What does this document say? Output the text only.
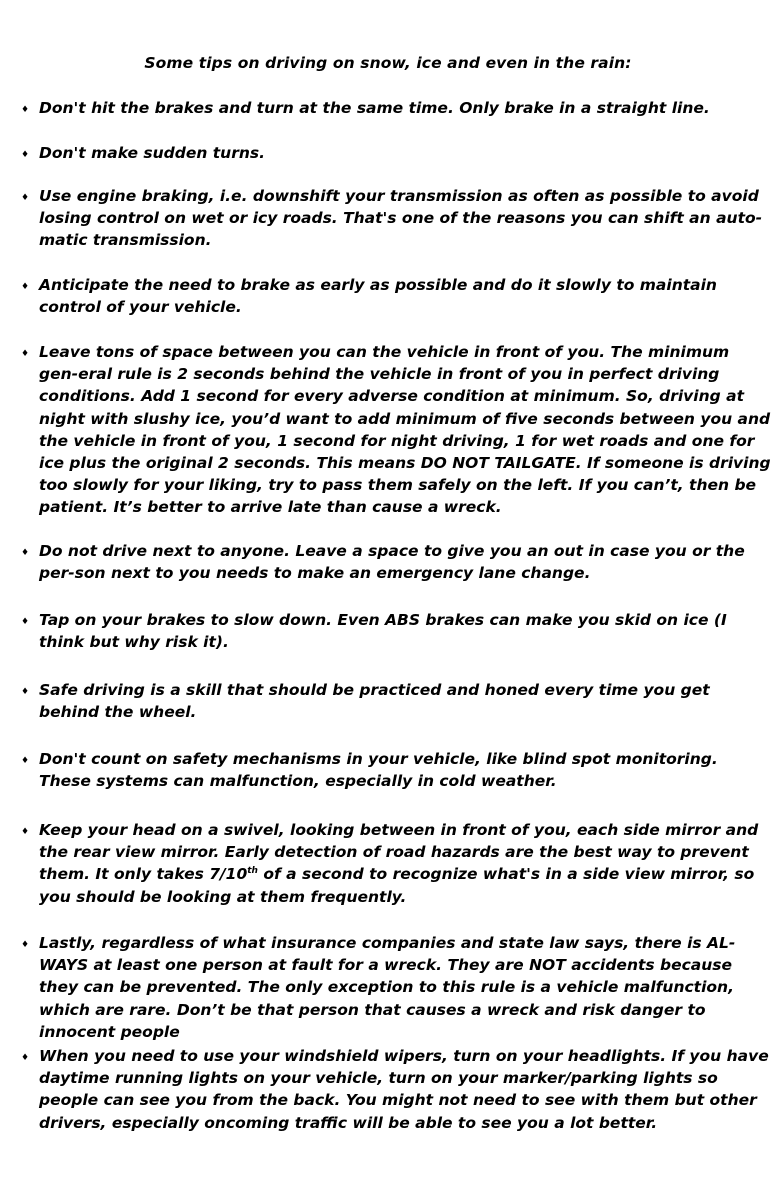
Some tips on driving on snow, ice and even in the rain:
♦ Don't hit the brakes and turn at the same time. Only brake in a straight line.
♦ Don't make sudden turns.
♦ Use engine braking, i.e. downshift your transmission as often as possible to avoid losing control on wet or icy roads. That's one of the reasons you can shift an auto-matic transmission.
♦ Anticipate the need to brake as early as possible and do it slowly to maintain control of your vehicle.
♦ Leave tons of space between you can the vehicle in front of you. The minimum gen-eral rule is 2 seconds behind the vehicle in front of you in perfect driving conditions. Add 1 second for every adverse condition at minimum. So, driving at night with slushy ice, you’d want to add minimum of five seconds between you and the vehicle in front of you, 1 second for night driving, 1 for wet roads and one for ice plus the original 2 seconds. This means DO NOT TAILGATE. If someone is driving too slowly for your liking, try to pass them safely on the left. If you can’t, then be patient. It’s better to arrive late than cause a wreck.
♦ Do not drive next to anyone. Leave a space to give you an out in case you or the per-son next to you needs to make an emergency lane change.
♦ Tap on your brakes to slow down. Even ABS brakes can make you skid on ice (I think but why risk it).
♦ Safe driving is a skill that should be practiced and honed every time you get behind the wheel.
♦ Don't count on safety mechanisms in your vehicle, like blind spot monitoring. These systems can malfunction, especially in cold weather.
♦ Keep your head on a swivel, looking between in front of you, each side mirror and the rear view mirror. Early detection of road hazards are the best way to prevent them. It only takes 7/10th of a second to recognize what's in a side view mirror, so you should be looking at them frequently.
♦ Lastly, regardless of what insurance companies and state law says, there is AL-WAYS at least one person at fault for a wreck. They are NOT accidents because they can be prevented. The only exception to this rule is a vehicle malfunction, which are rare. Don’t be that person that causes a wreck and risk danger to innocent people
♦ When you need to use your windshield wipers, turn on your headlights. If you have daytime running lights on your vehicle, turn on your marker/parking lights so people can see you from the back. You might not need to see with them but other drivers, especially oncoming traffic will be able to see you a lot better.
